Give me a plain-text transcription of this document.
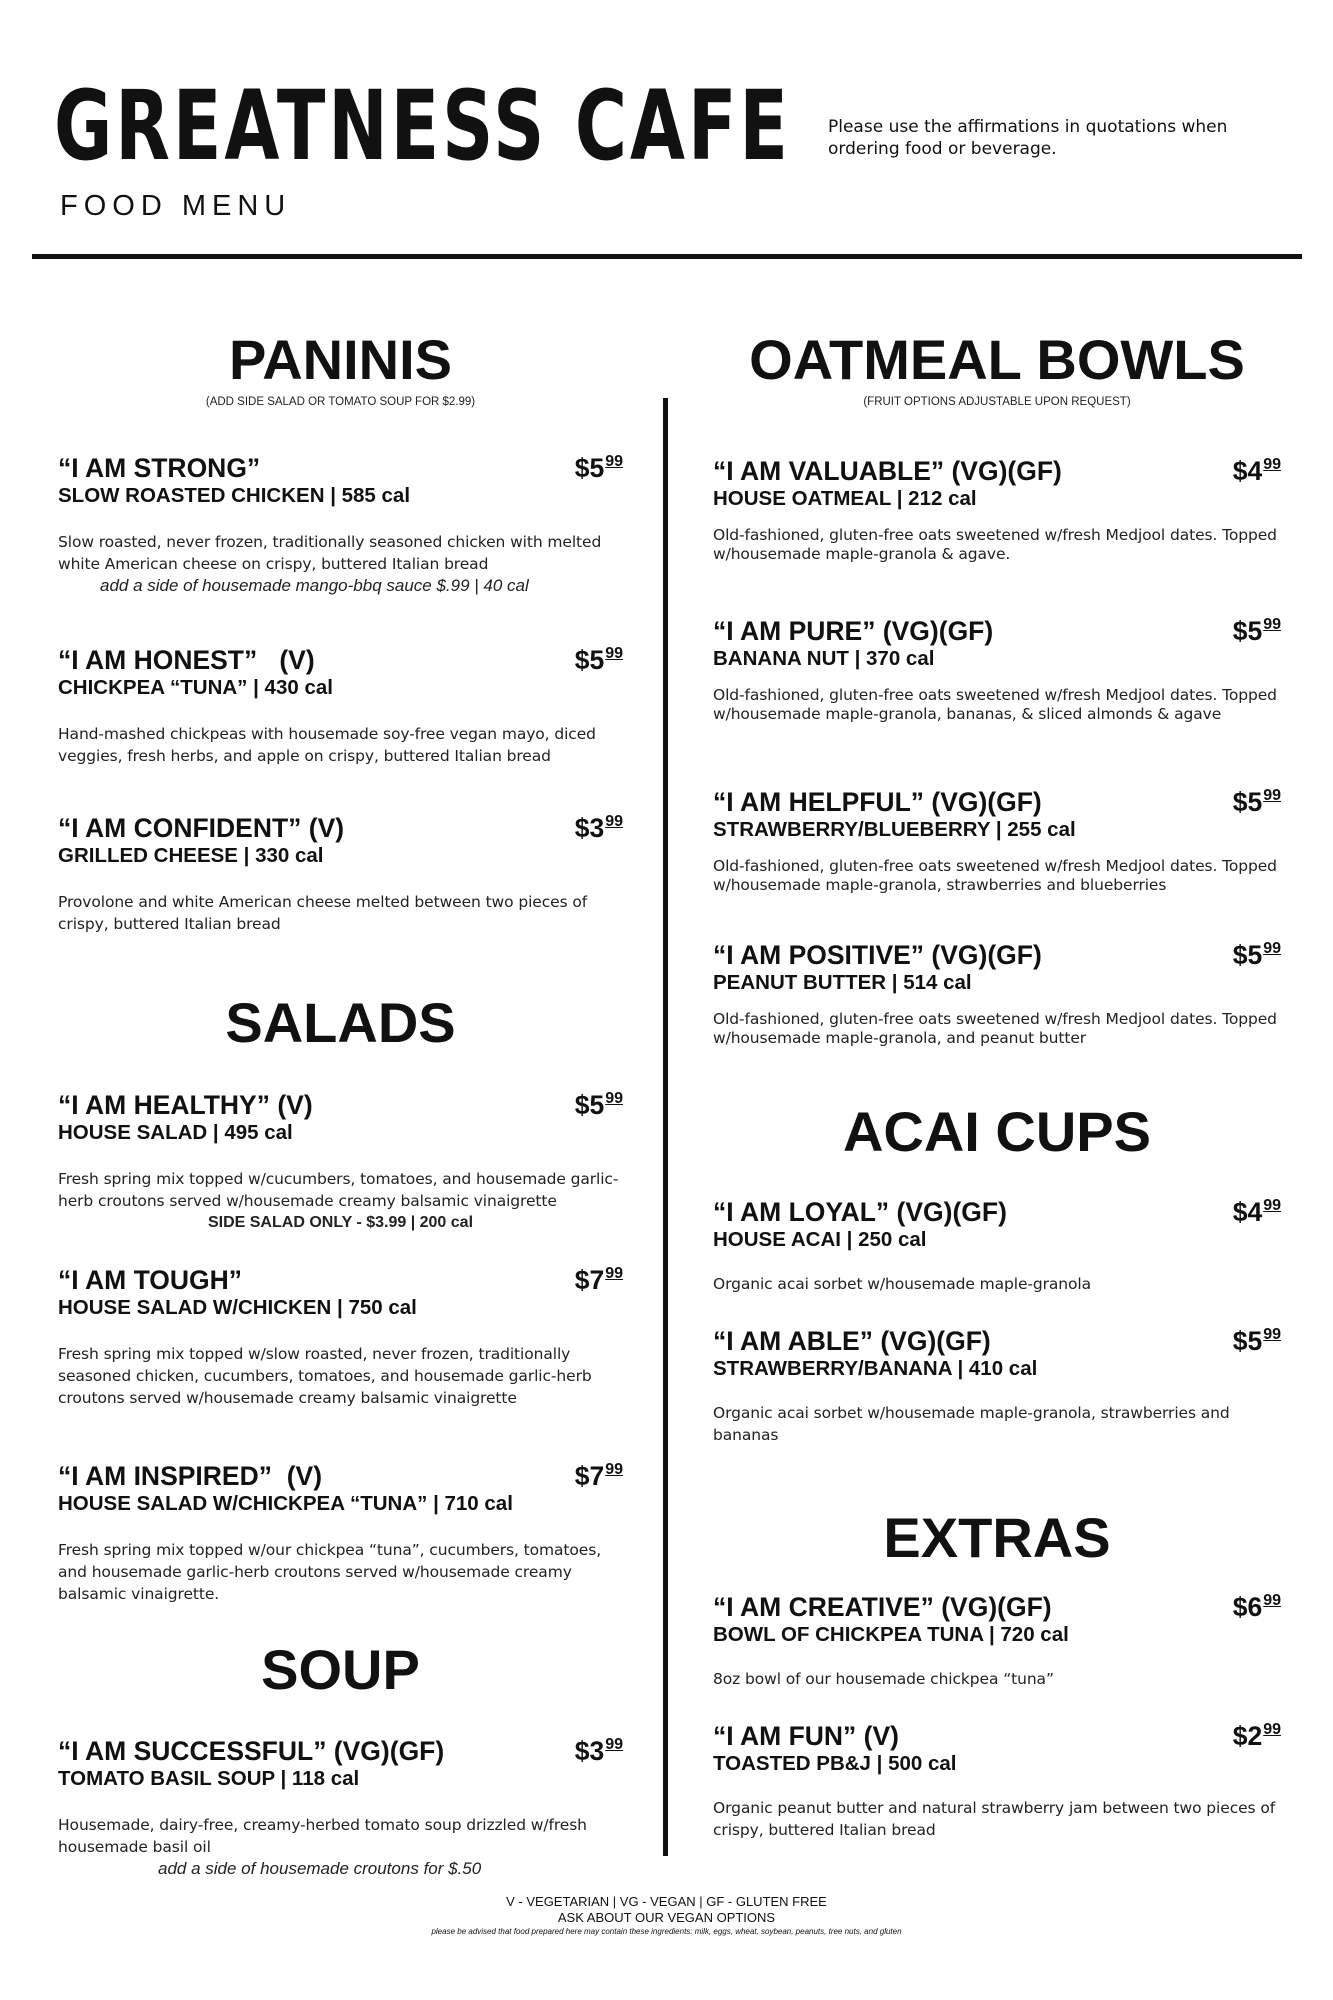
GREATNESS CAFE
FOOD MENU
Please use the affirmations in quotations when ordering food or beverage.
PANINIS
(ADD SIDE SALAD OR TOMATO SOUP FOR $2.99)
“I AM STRONG”
SLOW ROASTED CHICKEN | 585 cal
$\$5^{99}$
Slow roasted, never frozen, traditionally seasoned chicken with melted white American cheese on crispy, buttered Italian bread
add a side of housemade mango-bbq sauce $.99 | 40 cal
“I AM HONEST”   (V)
CHICKPEA “TUNA” | 430 cal
$\$5^{99}$
Hand-mashed chickpeas with housemade soy-free vegan mayo, diced veggies, fresh herbs, and apple on crispy, buttered Italian bread
“I AM CONFIDENT” (V)
GRILLED CHEESE | 330 cal
$\$3^{99}$
Provolone and white American cheese melted between two pieces of crispy, buttered Italian bread
SALADS
“I AM HEALTHY” (V)
HOUSE SALAD | 495 cal
$\$5^{99}$
Fresh spring mix topped w/cucumbers, tomatoes, and housemade garlic-herb croutons served w/housemade creamy balsamic vinaigrette
SIDE SALAD ONLY - $3.99 | 200 cal
“I AM TOUGH”
HOUSE SALAD W/CHICKEN | 750 cal
$\$7^{99}$
Fresh spring mix topped w/slow roasted, never frozen, traditionally seasoned chicken, cucumbers, tomatoes, and housemade garlic-herb croutons served w/housemade creamy balsamic vinaigrette
“I AM INSPIRED”  (V)
HOUSE SALAD W/CHICKPEA “TUNA” | 710 cal
$\$7^{99}$
Fresh spring mix topped w/our chickpea “tuna”, cucumbers, tomatoes, and housemade garlic-herb croutons served w/housemade creamy balsamic vinaigrette.
SOUP
“I AM SUCCESSFUL” (VG)(GF)
TOMATO BASIL SOUP | 118 cal
$\$3^{99}$
Housemade, dairy-free, creamy-herbed tomato soup drizzled w/fresh housemade basil oil
add a side of housemade croutons for $.50
OATMEAL BOWLS
(FRUIT OPTIONS ADJUSTABLE UPON REQUEST)
“I AM VALUABLE” (VG)(GF)
HOUSE OATMEAL | 212 cal
$\$4^{99}$
Old-fashioned, gluten-free oats sweetened w/fresh Medjool dates. Topped w/housemade maple-granola & agave.
“I AM PURE” (VG)(GF)
BANANA NUT | 370 cal
$\$5^{99}$
Old-fashioned, gluten-free oats sweetened w/fresh Medjool dates. Topped w/housemade maple-granola, bananas, & sliced almonds & agave
“I AM HELPFUL” (VG)(GF)
STRAWBERRY/BLUEBERRY | 255 cal
$\$5^{99}$
Old-fashioned, gluten-free oats sweetened w/fresh Medjool dates. Topped w/housemade maple-granola, strawberries and blueberries
“I AM POSITIVE” (VG)(GF)
PEANUT BUTTER | 514 cal
$\$5^{99}$
Old-fashioned, gluten-free oats sweetened w/fresh Medjool dates. Topped w/housemade maple-granola, and peanut butter
ACAI CUPS
“I AM LOYAL” (VG)(GF)
HOUSE ACAI | 250 cal
$\$4^{99}$
Organic acai sorbet w/housemade maple-granola
“I AM ABLE” (VG)(GF)
STRAWBERRY/BANANA | 410 cal
$\$5^{99}$
Organic acai sorbet w/housemade maple-granola, strawberries and bananas
EXTRAS
“I AM CREATIVE” (VG)(GF)
BOWL OF CHICKPEA TUNA | 720 cal
$\$6^{99}$
8oz bowl of our housemade chickpea “tuna”
“I AM FUN” (V)
TOASTED PB&J | 500 cal
$\$2^{99}$
Organic peanut butter and natural strawberry jam between two pieces of crispy, buttered Italian bread
V - VEGETARIAN | VG - VEGAN | GF - GLUTEN FREE
ASK ABOUT OUR VEGAN OPTIONS
please be advised that food prepared here may contain these ingredients: milk, eggs, wheat, soybean, peanuts, tree nuts, and gluten
